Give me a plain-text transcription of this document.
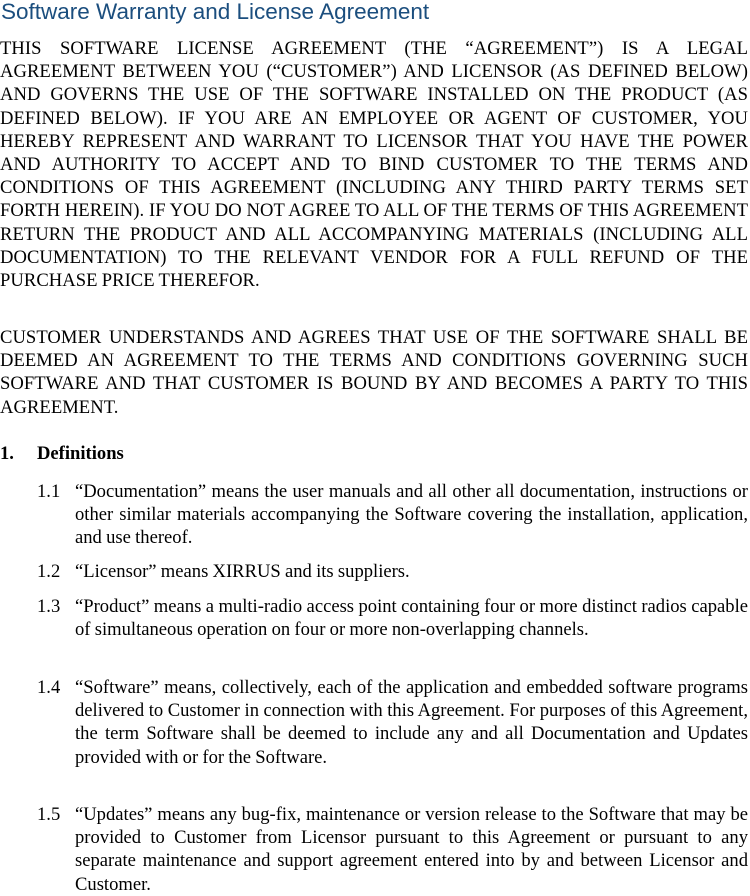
Software Warranty and License Agreement

THIS SOFTWARE LICENSE AGREEMENT (THE “AGREEMENT”) IS A LEGAL AGREEMENT BETWEEN YOU (“CUSTOMER”) AND LICENSOR (AS DEFINED BELOW) AND GOVERNS THE USE OF THE SOFTWARE INSTALLED ON THE PRODUCT (AS DEFINED BELOW). IF YOU ARE AN EMPLOYEE OR AGENT OF CUSTOMER, YOU HEREBY REPRESENT AND WARRANT TO LICENSOR THAT YOU HAVE THE POWER AND AUTHORITY TO ACCEPT AND TO BIND CUSTOMER TO THE TERMS AND CONDITIONS OF THIS AGREEMENT (INCLUDING ANY THIRD PARTY TERMS SET FORTH HEREIN). IF YOU DO NOT AGREE TO ALL OF THE TERMS OF THIS AGREEMENT RETURN THE PRODUCT AND ALL ACCOMPANYING MATERIALS (INCLUDING ALL DOCUMENTATION) TO THE RELEVANT VENDOR FOR A FULL REFUND OF THE PURCHASE PRICE THEREFOR.

CUSTOMER UNDERSTANDS AND AGREES THAT USE OF THE SOFTWARE SHALL BE DEEMED AN AGREEMENT TO THE TERMS AND CONDITIONS GOVERNING SUCH SOFTWARE AND THAT CUSTOMER IS BOUND BY AND BECOMES A PARTY TO THIS AGREEMENT.

1. Definitions
1.1 “Documentation” means the user manuals and all other all documentation, instructions or other similar materials accompanying the Software covering the installation, application, and use thereof.

1.2 “Licensor” means XIRRUS and its suppliers.

1.3 “Product” means a multi-radio access point containing four or more distinct radios capable of simultaneous operation on four or more non-overlapping channels.

1.4 “Software” means, collectively, each of the application and embedded software programs delivered to Customer in connection with this Agreement. For purposes of this Agreement, the term Software shall be deemed to include any and all Documentation and Updates provided with or for the Software.

1.5 “Updates” means any bug-fix, maintenance or version release to the Software that may be provided to Customer from Licensor pursuant to this Agreement or pursuant to any separate maintenance and support agreement entered into by and between Licensor and Customer.
